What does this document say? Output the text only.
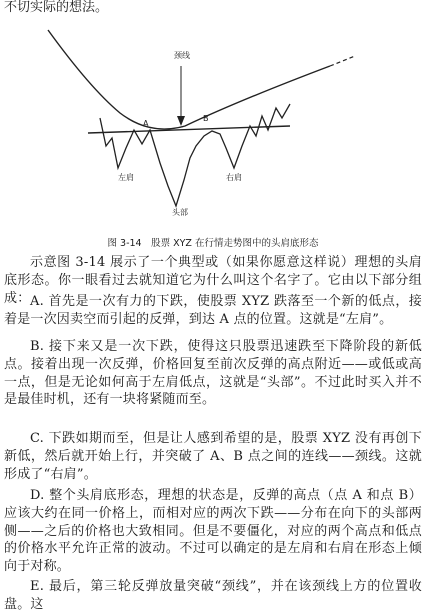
不切实际的想法。
颈线
A
B
左肩	右肩
头部
图 3-14　股票 XYZ 在行情走势图中的头肩底形态

示意图 3-14 展示了一个典型或（如果你愿意这样说）理想的头肩底形态。你一眼看过去就知道它为什么叫这个名字了。它由以下部分组成： A. 首先是一次有力的下跌，使股票 XYZ 跌落至一个新的低点，接着是一次因卖空而引起的反弹，到达 A 点的位置。这就是“左肩”。

B. 接下来又是一次下跌，使得这只股票迅速跌至下降阶段的新低点。接着出现一次反弹，价格回复至前次反弹的高点附近——或低或高一点，但是无论如何高于左肩低点，这就是“头部”。不过此时买入并不是最佳时机，还有一块将紧随而至。

C. 下跌如期而至，但是让人感到希望的是，股票 XYZ 没有再创下新低，然后就开始上行，并突破了 A、B 点之间的连线——颈线。这就形成了“右肩”。

D. 整个头肩底形态，理想的状态是，反弹的高点（点 A 和点 B）应该大约在同一价格上，而相对应的两次下跌——分布在向下的头部两侧——之后的价格也大致相同。但是不要僵化，对应的两个高点和低点的价格水平允许正常的波动。不过可以确定的是左肩和右肩在形态上倾向于对称。

E. 最后，第三轮反弹放量突破“颈线”，并在该颈线上方的位置收盘。这
